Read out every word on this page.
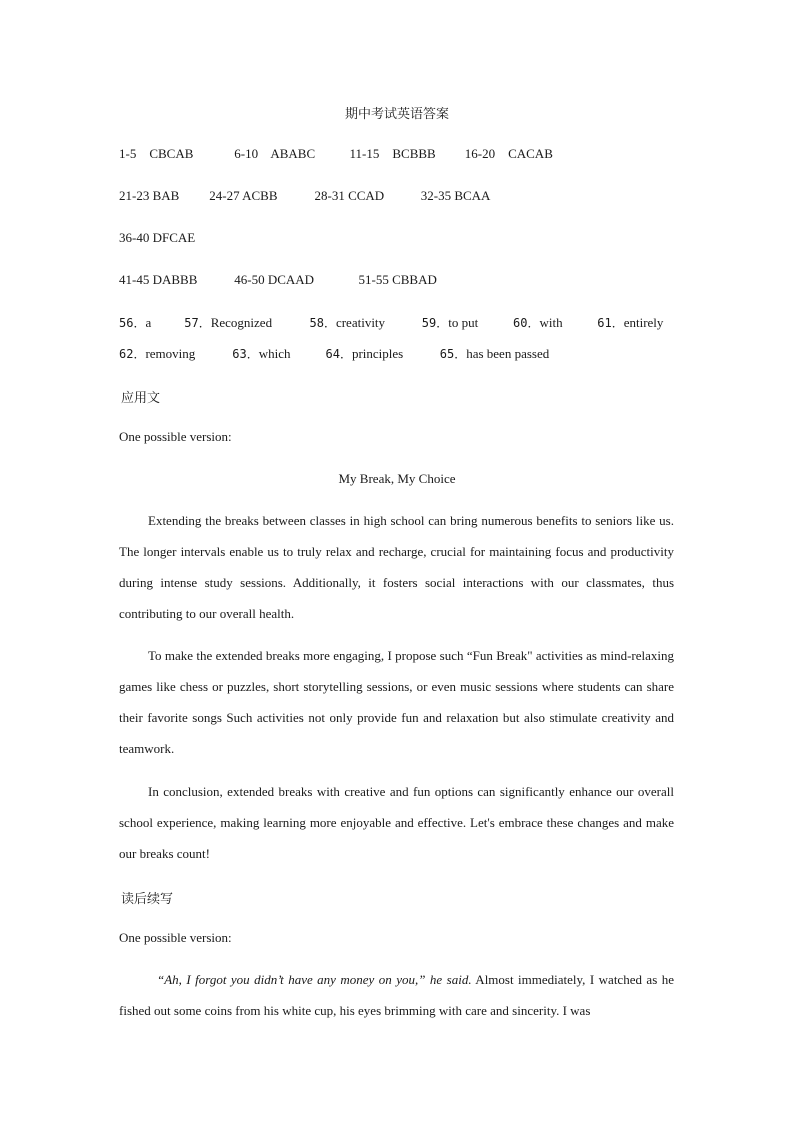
期中考试英语答案
1-5    CBCAB	6-10    ABABC	11-15    BCBBB 16-20    CACAB
21-23 BAB 24-27 ACBB	28-31 CCAD	32-35 BCAA
36-40 DFCAE
41-45 DABBB	46-50 DCAAD	51-55 CBBAD
56．a	57．Recognized	58．creativity	59．to put	60．with	61．entirely
62．removing	63．which	64．principles	65．has been passed
应用文
One possible version:
My Break, My Choice

Extending the breaks between classes in high school can bring numerous benefits to seniors like us. The longer intervals enable us to truly relax and recharge, crucial for maintaining focus and productivity during intense study sessions. Additionally, it fosters social interactions with our classmates, thus contributing to our overall health.

To make the extended breaks more engaging, I propose such “Fun Break" activities as mind-relaxing games like chess or puzzles, short storytelling sessions, or even music sessions where students can share their favorite songs Such activities not only provide fun and relaxation but also stimulate creativity and teamwork.

In conclusion, extended breaks with creative and fun options can significantly enhance our overall school experience, making learning more enjoyable and effective. Let's embrace these changes and make our breaks count!

读后续写
One possible version:

“Ah, I forgot you didn’t have any money on you,” he said. Almost immediately, I watched as he fished out some coins from his white cup, his eyes brimming with care and sincerity. I was
